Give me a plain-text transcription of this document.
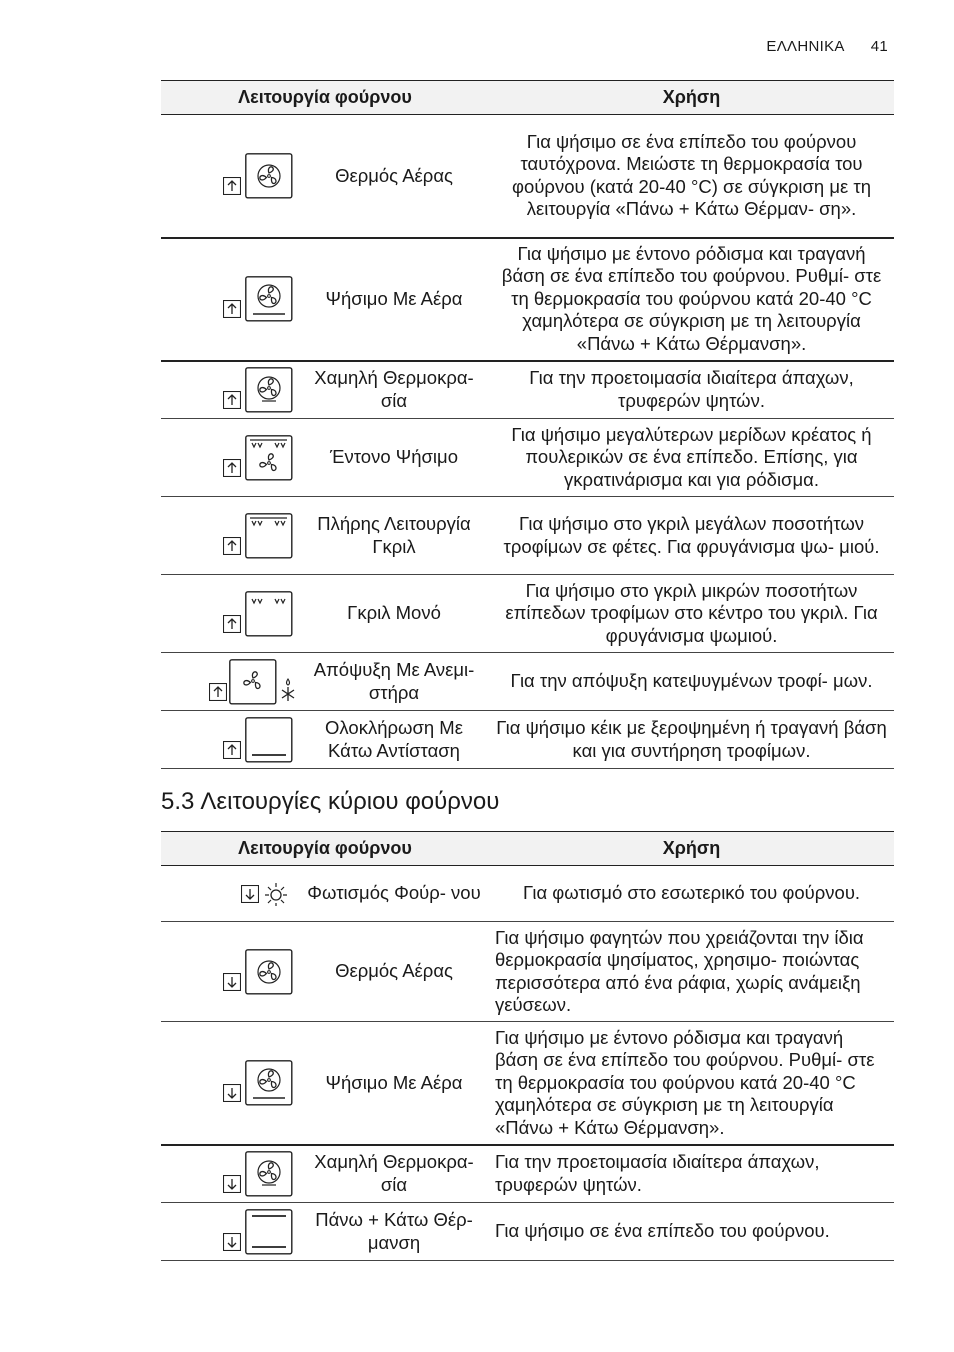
ΕΛΛΗΝΙΚΑ 41
Λειτουργία φούρνου		Χρήση

	Θερμός Αέρας	Για ψήσιμο σε ένα επίπεδο του φούρνου ταυτόχρονα. Μειώστε τη θερμοκρασία του φούρνου (κατά 20-40 °C) σε σύγκριση με τη λειτουργία «Πάνω + Κάτω Θέρμαν- ση».

	Ψήσιμο Με Αέρα	Για ψήσιμο με έντονο ρόδισμα και τραγανή βάση σε ένα επίπεδο του φούρνου. Ρυθμί- στε τη θερμοκρασία του φούρνου κατά 20-40 °C χαμηλότερα σε σύγκριση με τη λειτουργία «Πάνω + Κάτω Θέρμανση».

	Χαμηλή Θερμοκρα- σία	Για την προετοιμασία ιδιαίτερα άπαχων, τρυφερών ψητών.

	Έντονο Ψήσιμο	Για ψήσιμο μεγαλύτερων μερίδων κρέατος ή πουλερικών σε ένα επίπεδο. Επίσης, για γκρατινάρισμα και για ρόδισμα.

	Πλήρης Λειτουργία Γκριλ	Για ψήσιμο στο γκριλ μεγάλων ποσοτήτων τροφίμων σε φέτες. Για φρυγάνισμα ψω- μιού.

	Γκριλ Μονό	Για ψήσιμο στο γκριλ μικρών ποσοτήτων επίπεδων τροφίμων στο κέντρο του γκριλ. Για φρυγάνισμα ψωμιού.

	Απόψυξη Με Ανεμι- στήρα	Για την απόψυξη κατεψυγμένων τροφί- μων.

	Ολοκλήρωση Με Κάτω Αντίσταση	Για ψήσιμο κέικ με ξεροψημένη ή τραγανή βάση και για συντήρηση τροφίμων.
5.3 Λειτουργίες κύριου φούρνου
Λειτουργία φούρνου		Χρήση

	Φωτισμός Φούρ- νου	Για φωτισμό στο εσωτερικό του φούρνου.

	Θερμός Αέρας	Για ψήσιμο φαγητών που χρειάζονται την ίδια θερμοκρασία ψησίματος, χρησιμο- ποιώντας περισσότερα από ένα ράφια, χωρίς ανάμειξη γεύσεων.

	Ψήσιμο Με Αέρα	Για ψήσιμο με έντονο ρόδισμα και τραγανή βάση σε ένα επίπεδο του φούρνου. Ρυθμί- στε τη θερμοκρασία του φούρνου κατά 20-40 °C χαμηλότερα σε σύγκριση με τη λειτουργία «Πάνω + Κάτω Θέρμανση».

	Χαμηλή Θερμοκρα- σία	Για την προετοιμασία ιδιαίτερα άπαχων, τρυφερών ψητών.

	Πάνω + Κάτω Θέρ- μανση	Για ψήσιμο σε ένα επίπεδο του φούρνου.
